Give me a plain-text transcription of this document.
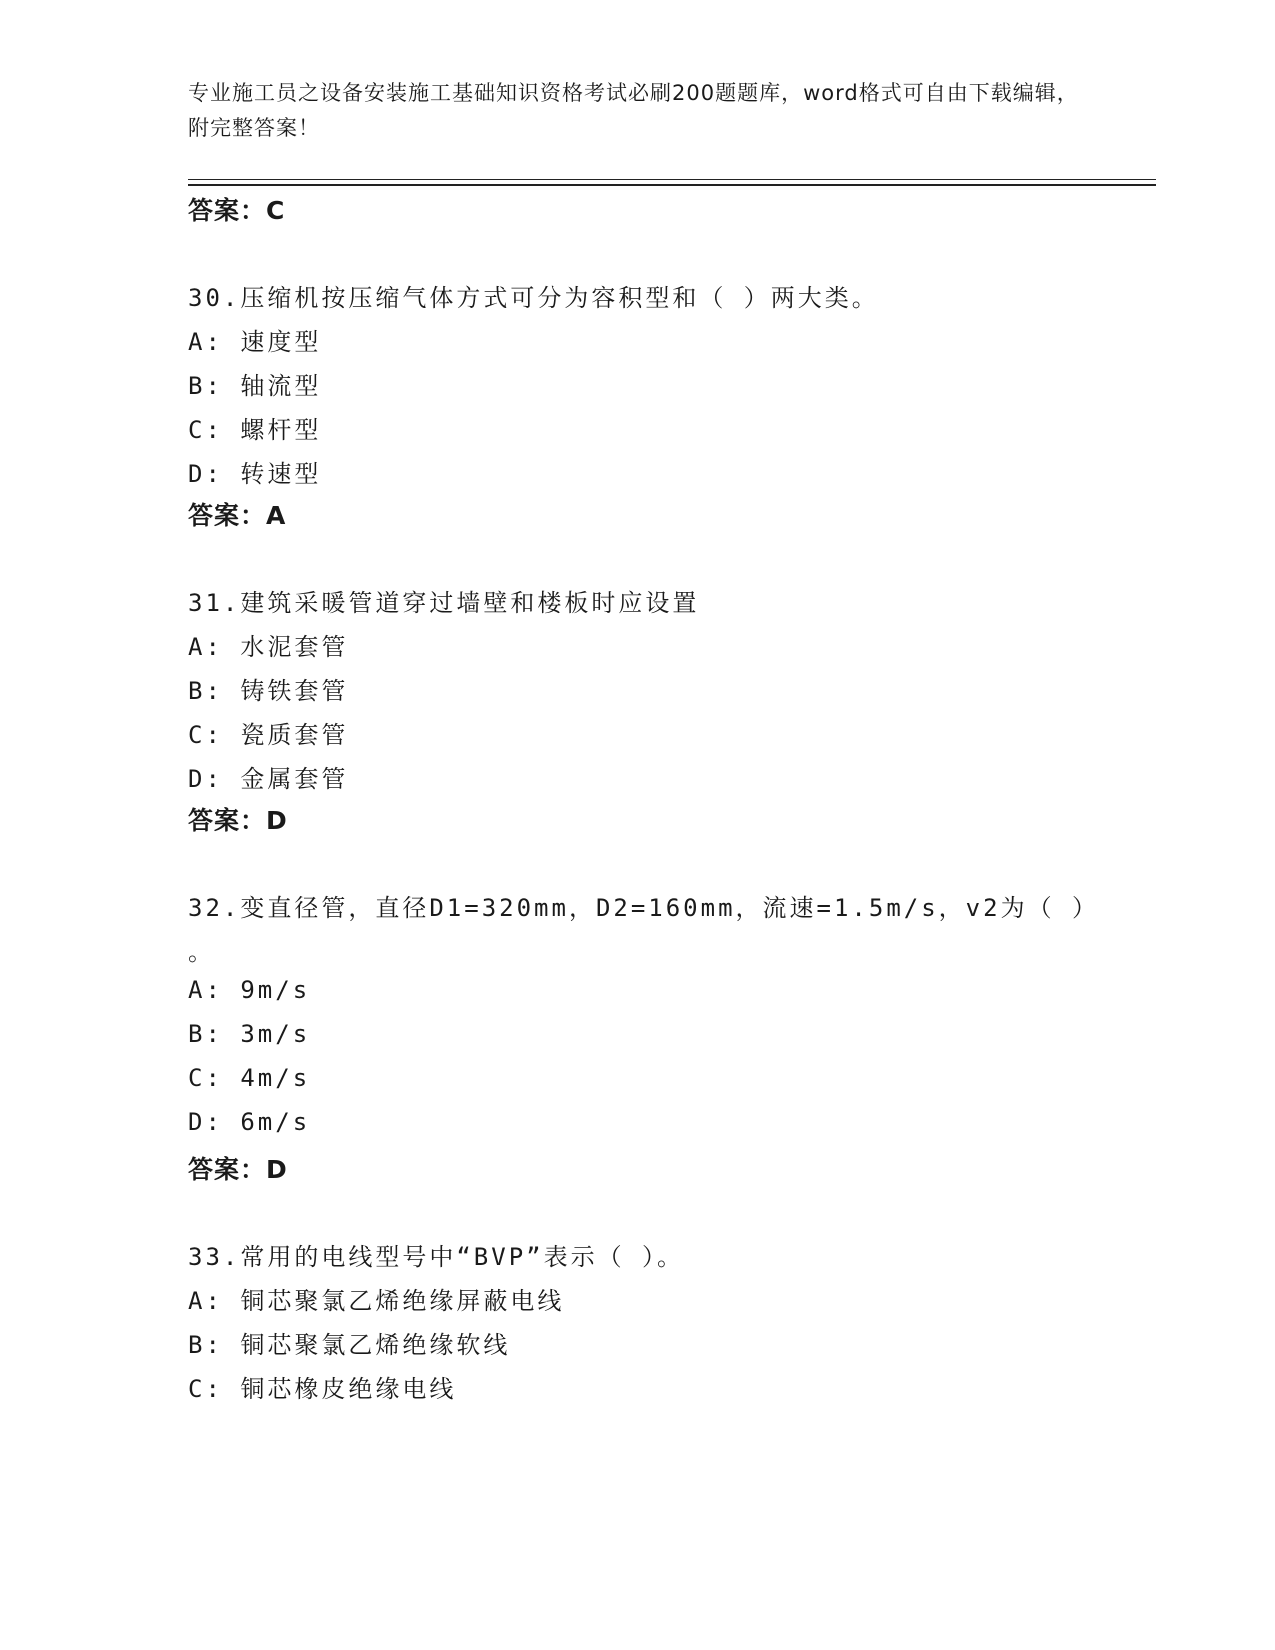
专业施工员之设备安装施工基础知识资格考试必刷200题题库，word格式可自由下载编辑，附完整答案！
答案：C
30.压缩机按压缩气体方式可分为容积型和（ ）两大类。
A: 速度型
B: 轴流型
C: 螺杆型
D: 转速型
答案：A
31.建筑采暖管道穿过墙壁和楼板时应设置
A: 水泥套管
B: 铸铁套管
C: 瓷质套管
D: 金属套管
答案：D
32.变直径管，直径D1=320mm，D2=160mm，流速=1.5m/s，v2为（ ）
。
A: 9m/s
B: 3m/s
C: 4m/s
D: 6m/s
答案：D
33.常用的电线型号中“BVP”表示（ ）。
A: 铜芯聚氯乙烯绝缘屏蔽电线
B: 铜芯聚氯乙烯绝缘软线
C: 铜芯橡皮绝缘电线
